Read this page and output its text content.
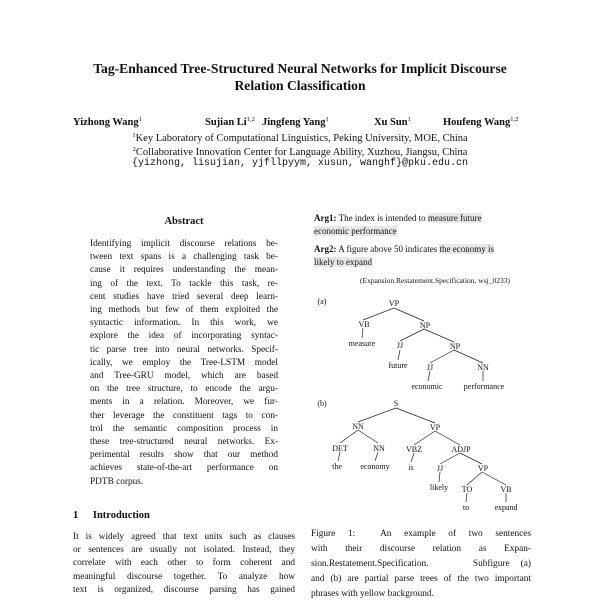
Tag-Enhanced Tree-Structured Neural Networks for Implicit Discourse
Relation Classification
Yizhong Wang$^1$	Sujian Li$^{1,2}$ Jingfeng Yang$^1$	Xu Sun$^1$	Houfeng Wang$^{1,2}$
$^1$Key Laboratory of Computational Linguistics, Peking University, MOE, China
$^2$Collaborative Innovation Center for Language Ability, Xuzhou, Jiangsu, China
{yizhong, lisujian, yjfllpyym, xusun, wanghf}@pku.edu.cn
Abstract
Identifying implicit discourse relations be-
tween text spans is a challenging task be-
cause it requires understanding the mean-
ing of the text. To tackle this task, re-
cent studies have tried several deep learn-
ing methods but few of them exploited the
syntactic information. In this work, we
explore the idea of incorporating syntac-
tic parse tree into neural networks. Specif-
ically, we employ the Tree-LSTM model
and Tree-GRU model, which are based
on the tree structure, to encode the argu-
ments in a relation. Moreover, we fur-
ther leverage the constituent tags to con-
trol the semantic composition process in
these tree-structured neural networks. Ex-
perimental results show that our method
achieves state-of-the-art performance on
PDTB corpus.
1 Introduction
It is widely agreed that text units such as clauses
or sentences are usually not isolated. Instead, they
correlate with each other to form coherent and
meaningful discourse together. To analyze how
text is organized, discourse parsing has gained
Arg1: The index is intended to measure future
economic performance
Arg2: A figure above 50 indicates the economy is
likely to expand
(Expansion.Restatement.Specification, wsj_0233)
(a)	VP
VB	NP
JJ	NP
JJ	NN
measure
future
economic	performance
(b)	S
NN	VP
DET	NN	VBZ	ADJP
JJ	VP
TO	VB
the economy is
likely
to	expand
Figure  1:    An  example  of  two  sentences
with  their  discourse  relation  as  Expan-
sion.Restatement.Specification.    Subfigure (a)
and (b) are partial parse trees of the two important
phrases with yellow background.
